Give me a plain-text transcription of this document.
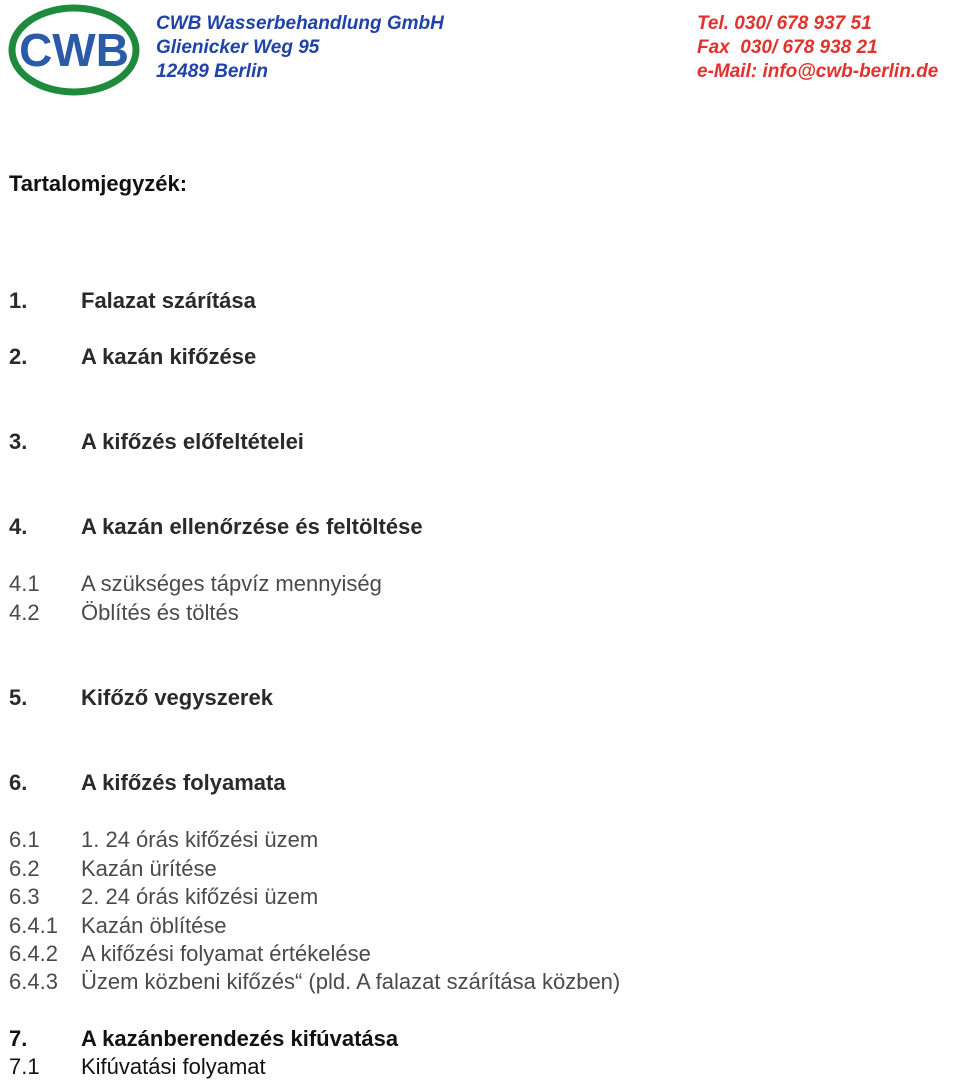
CWB
CWB Wasserbehandlung GmbH
Glienicker Weg 95
12489 Berlin
Tel. 030/ 678 937 51
Fax  030/ 678 938 21
e-Mail: info@cwb-berlin.de
Tartalomjegyzék:
1. Falazat szárítása
2. A kazán kifőzése
3. A kifőzés előfeltételei
4. A kazán ellenőrzése és feltöltése
4.1 A szükséges tápvíz mennyiség
4.2 Öblítés és töltés
5. Kifőző vegyszerek
6. A kifőzés folyamata
6.1 1. 24 órás kifőzési üzem
6.2 Kazán ürítése
6.3 2. 24 órás kifőzési üzem
6.4.1 Kazán öblítése
6.4.2 A kifőzési folyamat értékelése
6.4.3 Üzem közbeni kifőzés“ (pld. A falazat szárítása közben)
7. A kazánberendezés kifúvatása
7.1 Kifúvatási folyamat
